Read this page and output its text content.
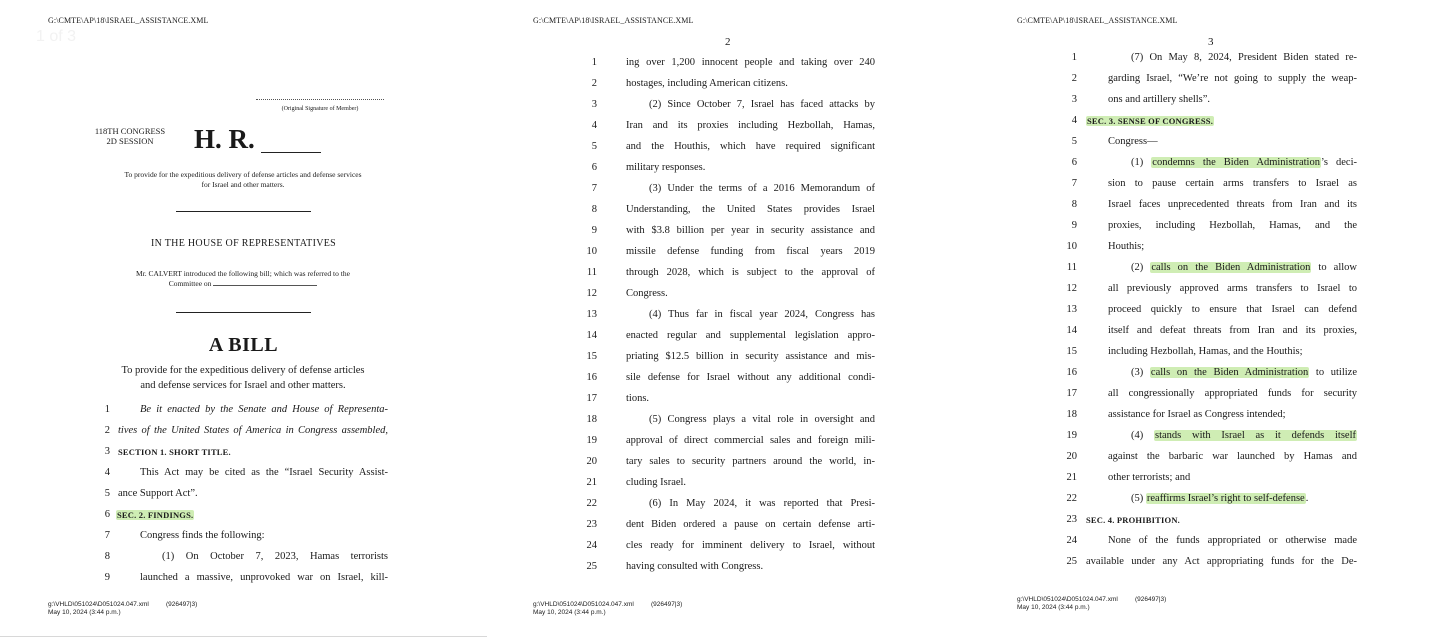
1 of 3
G:\CMTE\AP\18\ISRAEL_ASSISTANCE.XML
(Original Signature of Member)
118TH CONGRESS
2D SESSION	H. R.
To provide for the expeditious delivery of defense articles and defense services
for Israel and other matters.
IN THE HOUSE OF REPRESENTATIVES
Mr. CALVERT introduced the following bill; which was referred to the
Committee on
A BILL
To provide for the expeditious delivery of defense articles
and defense services for Israel and other matters.
1	Be it enacted by the Senate and House of Representa-
2 tives of the United States of America in Congress assembled,
3 SECTION 1. SHORT TITLE.
4	This Act may be cited as the “Israel Security Assist-
5 ance Support Act”.
6 SEC. 2. FINDINGS.
7	Congress finds the following:
8	(1) On October 7, 2023, Hamas terrorists
9	launched a massive, unprovoked war on Israel, kill-
g:\VHLD\051024\D051024.047.xml
May 10, 2024 (3:44 p.m.)
(926497|3)
G:\CMTE\AP\18\ISRAEL_ASSISTANCE.XML
2
1	ing over 1,200 innocent people and taking over 240
2	hostages, including American citizens.
3	(2) Since October 7, Israel has faced attacks by
4	Iran and its proxies including Hezbollah, Hamas,
5	and the Houthis, which have required significant
6	military responses.
7	(3) Under the terms of a 2016 Memorandum of
8	Understanding, the United States provides Israel
9	with $3.8 billion per year in security assistance and
10	missile defense funding from fiscal years 2019
11	through 2028, which is subject to the approval of
12	Congress.
13	(4) Thus far in fiscal year 2024, Congress has
14	enacted regular and supplemental legislation appro-
15	priating $12.5 billion in security assistance and mis-
16	sile defense for Israel without any additional condi-
17	tions.
18	(5) Congress plays a vital role in oversight and
19	approval of direct commercial sales and foreign mili-
20	tary sales to security partners around the world, in-
21	cluding Israel.
22	(6) In May 2024, it was reported that Presi-
23	dent Biden ordered a pause on certain defense arti-
24	cles ready for imminent delivery to Israel, without
25	having consulted with Congress.
g:\VHLD\051024\D051024.047.xml
May 10, 2024 (3:44 p.m.)
(926497|3)
G:\CMTE\AP\18\ISRAEL_ASSISTANCE.XML
3
1	(7) On May 8, 2024, President Biden stated re-
2	garding Israel, “We’re not going to supply the weap-
3	ons and artillery shells”.
4 SEC. 3. SENSE OF CONGRESS.
5	Congress—
6	(1) condemns the Biden Administration’s deci-
7	sion to pause certain arms transfers to Israel as
8	Israel faces unprecedented threats from Iran and its
9	proxies, including Hezbollah, Hamas, and the
10	Houthis;
11	(2) calls on the Biden Administration to allow
12	all previously approved arms transfers to Israel to
13	proceed quickly to ensure that Israel can defend
14	itself and defeat threats from Iran and its proxies,
15	including Hezbollah, Hamas, and the Houthis;
16	(3) calls on the Biden Administration to utilize
17	all congressionally appropriated funds for security
18	assistance for Israel as Congress intended;
19	(4) stands with Israel as it defends itself
20	against the barbaric war launched by Hamas and
21	other terrorists; and
22	(5) reaffirms Israel’s right to self-defense.
23 SEC. 4. PROHIBITION.
24	None of the funds appropriated or otherwise made
25 available under any Act appropriating funds for the De-
g:\VHLD\051024\D051024.047.xml
May 10, 2024 (3:44 p.m.)
(926497|3)
